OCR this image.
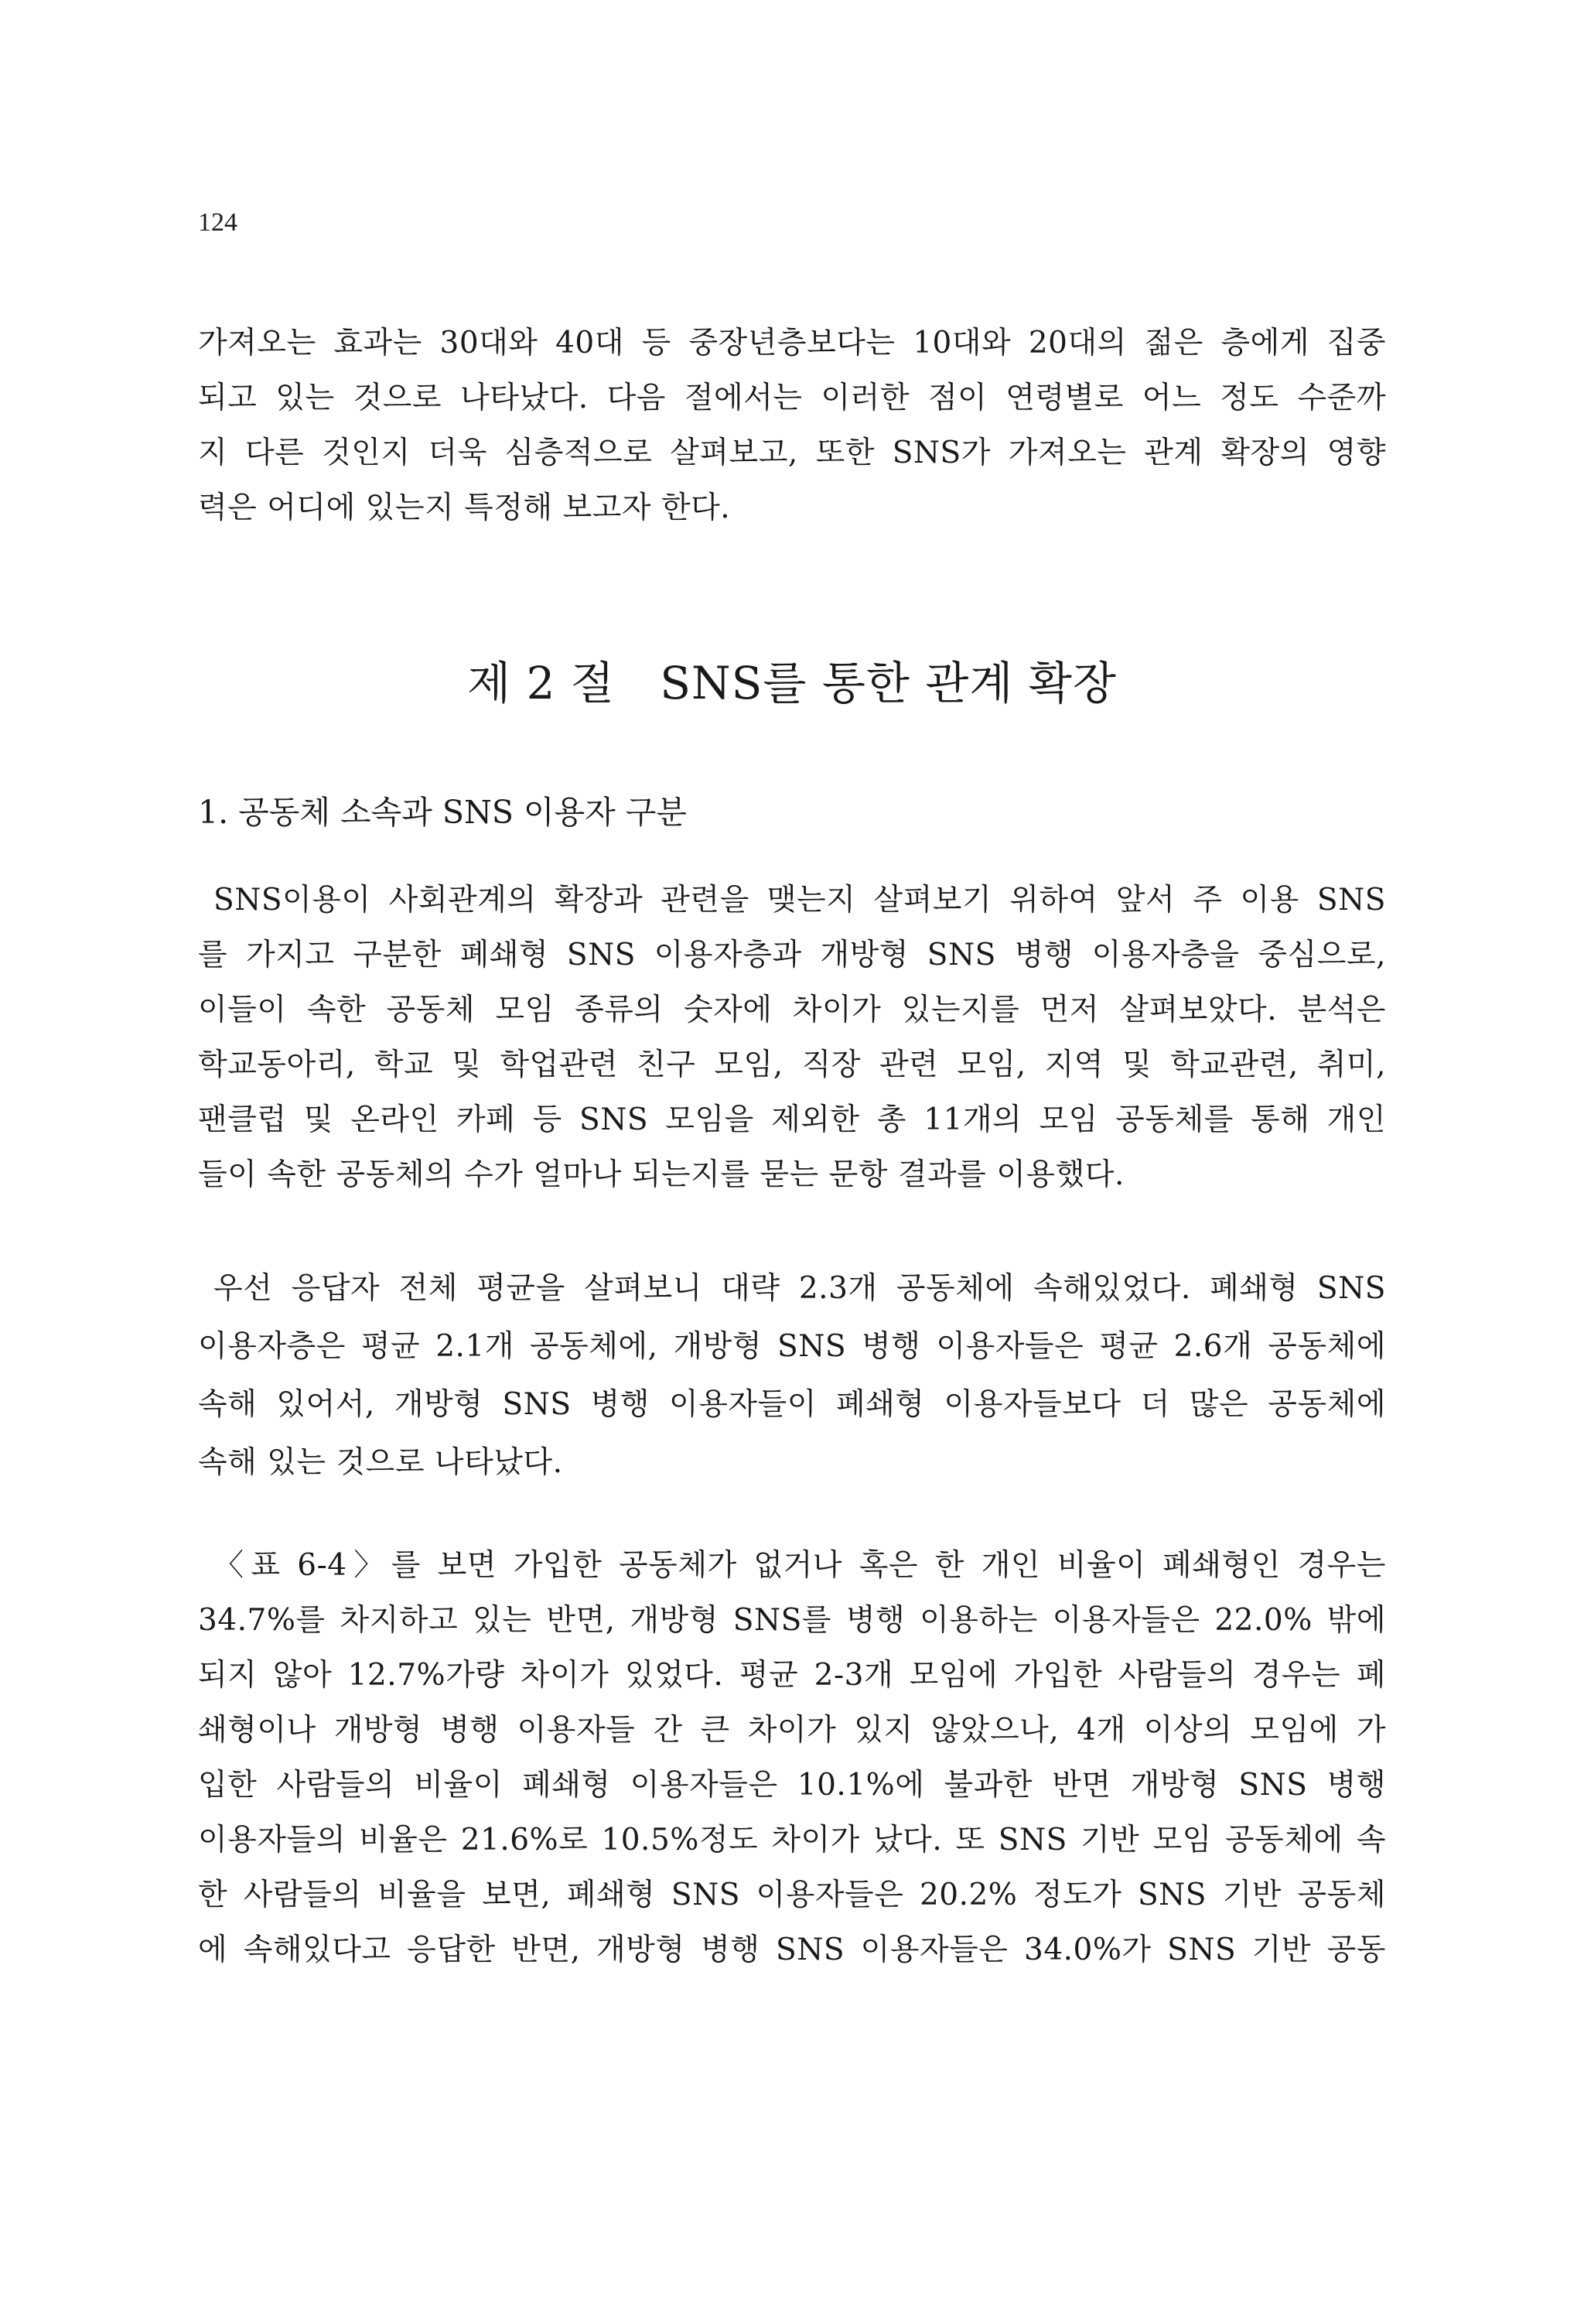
124
가져오는 효과는 30대와 40대 등 중장년층보다는 10대와 20대의 젊은 층에게 집중
되고 있는 것으로 나타났다. 다음 절에서는 이러한 점이 연령별로 어느 정도 수준까
지 다른 것인지 더욱 심층적으로 살펴보고, 또한 SNS가 가져오는 관계 확장의 영향
력은 어디에 있는지 특정해 보고자 한다.
제 2 절   SNS를 통한 관계 확장
1. 공동체 소속과 SNS 이용자 구분
SNS이용이 사회관계의 확장과 관련을 맺는지 살펴보기 위하여 앞서 주 이용 SNS
를 가지고 구분한 폐쇄형 SNS 이용자층과 개방형 SNS 병행 이용자층을 중심으로,
이들이 속한 공동체 모임 종류의 숫자에 차이가 있는지를 먼저 살펴보았다. 분석은
학교동아리, 학교 및 학업관련 친구 모임, 직장 관련 모임, 지역 및 학교관련, 취미,
팬클럽 및 온라인 카페 등 SNS 모임을 제외한 총 11개의 모임 공동체를 통해 개인
들이 속한 공동체의 수가 얼마나 되는지를 묻는 문항 결과를 이용했다.
우선 응답자 전체 평균을 살펴보니 대략 2.3개 공동체에 속해있었다. 폐쇄형 SNS
이용자층은 평균 2.1개 공동체에, 개방형 SNS 병행 이용자들은 평균 2.6개 공동체에
속해 있어서, 개방형 SNS 병행 이용자들이 폐쇄형 이용자들보다 더 많은 공동체에
속해 있는 것으로 나타났다.
〈표 6-4〉를 보면 가입한 공동체가 없거나 혹은 한 개인 비율이 폐쇄형인 경우는
34.7%를 차지하고 있는 반면, 개방형 SNS를 병행 이용하는 이용자들은 22.0% 밖에
되지 않아 12.7%가량 차이가 있었다. 평균 2-3개 모임에 가입한 사람들의 경우는 폐
쇄형이나 개방형 병행 이용자들 간 큰 차이가 있지 않았으나, 4개 이상의 모임에 가
입한 사람들의 비율이 폐쇄형 이용자들은 10.1%에 불과한 반면 개방형 SNS 병행
이용자들의 비율은 21.6%로 10.5%정도 차이가 났다. 또 SNS 기반 모임 공동체에 속
한 사람들의 비율을 보면, 폐쇄형 SNS 이용자들은 20.2% 정도가 SNS 기반 공동체
에 속해있다고 응답한 반면, 개방형 병행 SNS 이용자들은 34.0%가 SNS 기반 공동
